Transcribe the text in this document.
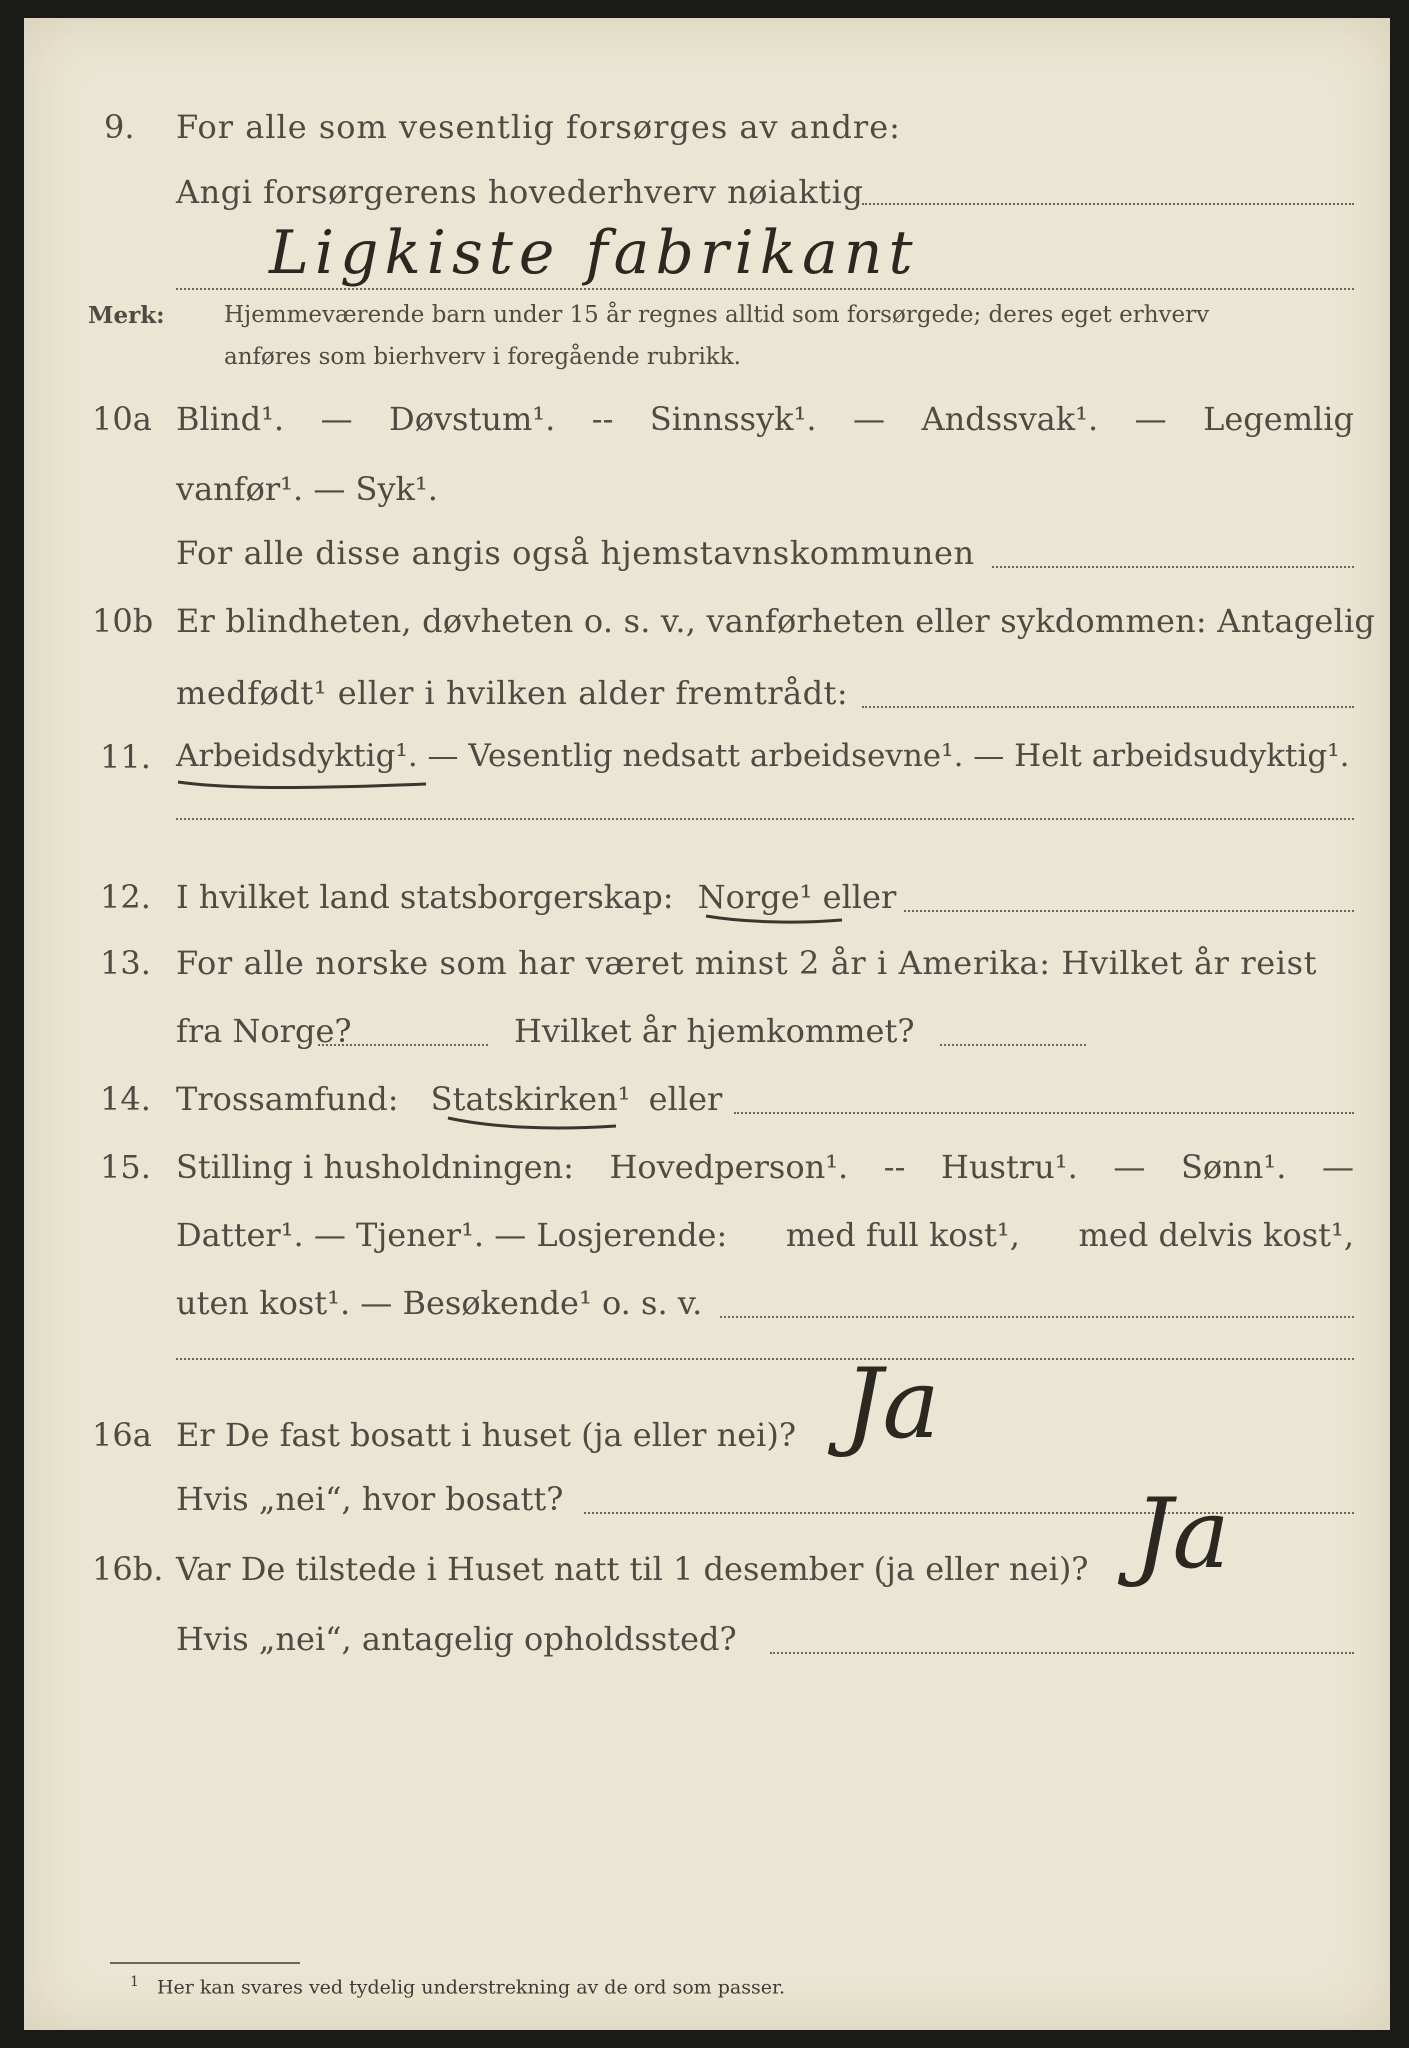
9. For alle som vesentlig forsørges av andre:
Angi forsørgerens hovederhverv nøiaktig
Ligkiste fabrikant
Merk:	Hjemmeværende barn under 15 år regnes alltid som forsørgede; deres eget erhverv
anføres som bierhverv i foregående rubrikk.
10a Blind¹. — Døvstum¹. -- Sinnssyk¹. — Andssvak¹. — Legemlig
vanfør¹. — Syk¹.
For alle disse angis også hjemstavnskommunen
10b Er blindheten, døvheten o. s. v., vanførheten eller sykdommen: Antagelig
medfødt¹ eller i hvilken alder fremtrådt:
11. Arbeidsdyktig¹. — Vesentlig nedsatt arbeidsevne¹. — Helt arbeidsudyktig¹.
12. I hvilket land statsborgerskap: Norge¹ eller
13. For alle norske som har været minst 2 år i Amerika: Hvilket år reist
fra Norge?	Hvilket år hjemkommet?
14. Trossamfund: Statskirken¹ eller
15. Stilling i husholdningen: Hovedperson¹. -- Hustru¹. — Sønn¹. —
Datter¹. — Tjener¹. — Losjerende: med full kost¹, med delvis kost¹,
uten kost¹. — Besøkende¹ o. s. v.
16a Er De fast bosatt i huset (ja eller nei)? Ja
Hvis „nei“, hvor bosatt?
16b. Var De tilstede i Huset natt til 1 desember (ja eller nei)? Ja
Hvis „nei“, antagelig opholdssted?
$^1$ Her kan svares ved tydelig understrekning av de ord som passer.
